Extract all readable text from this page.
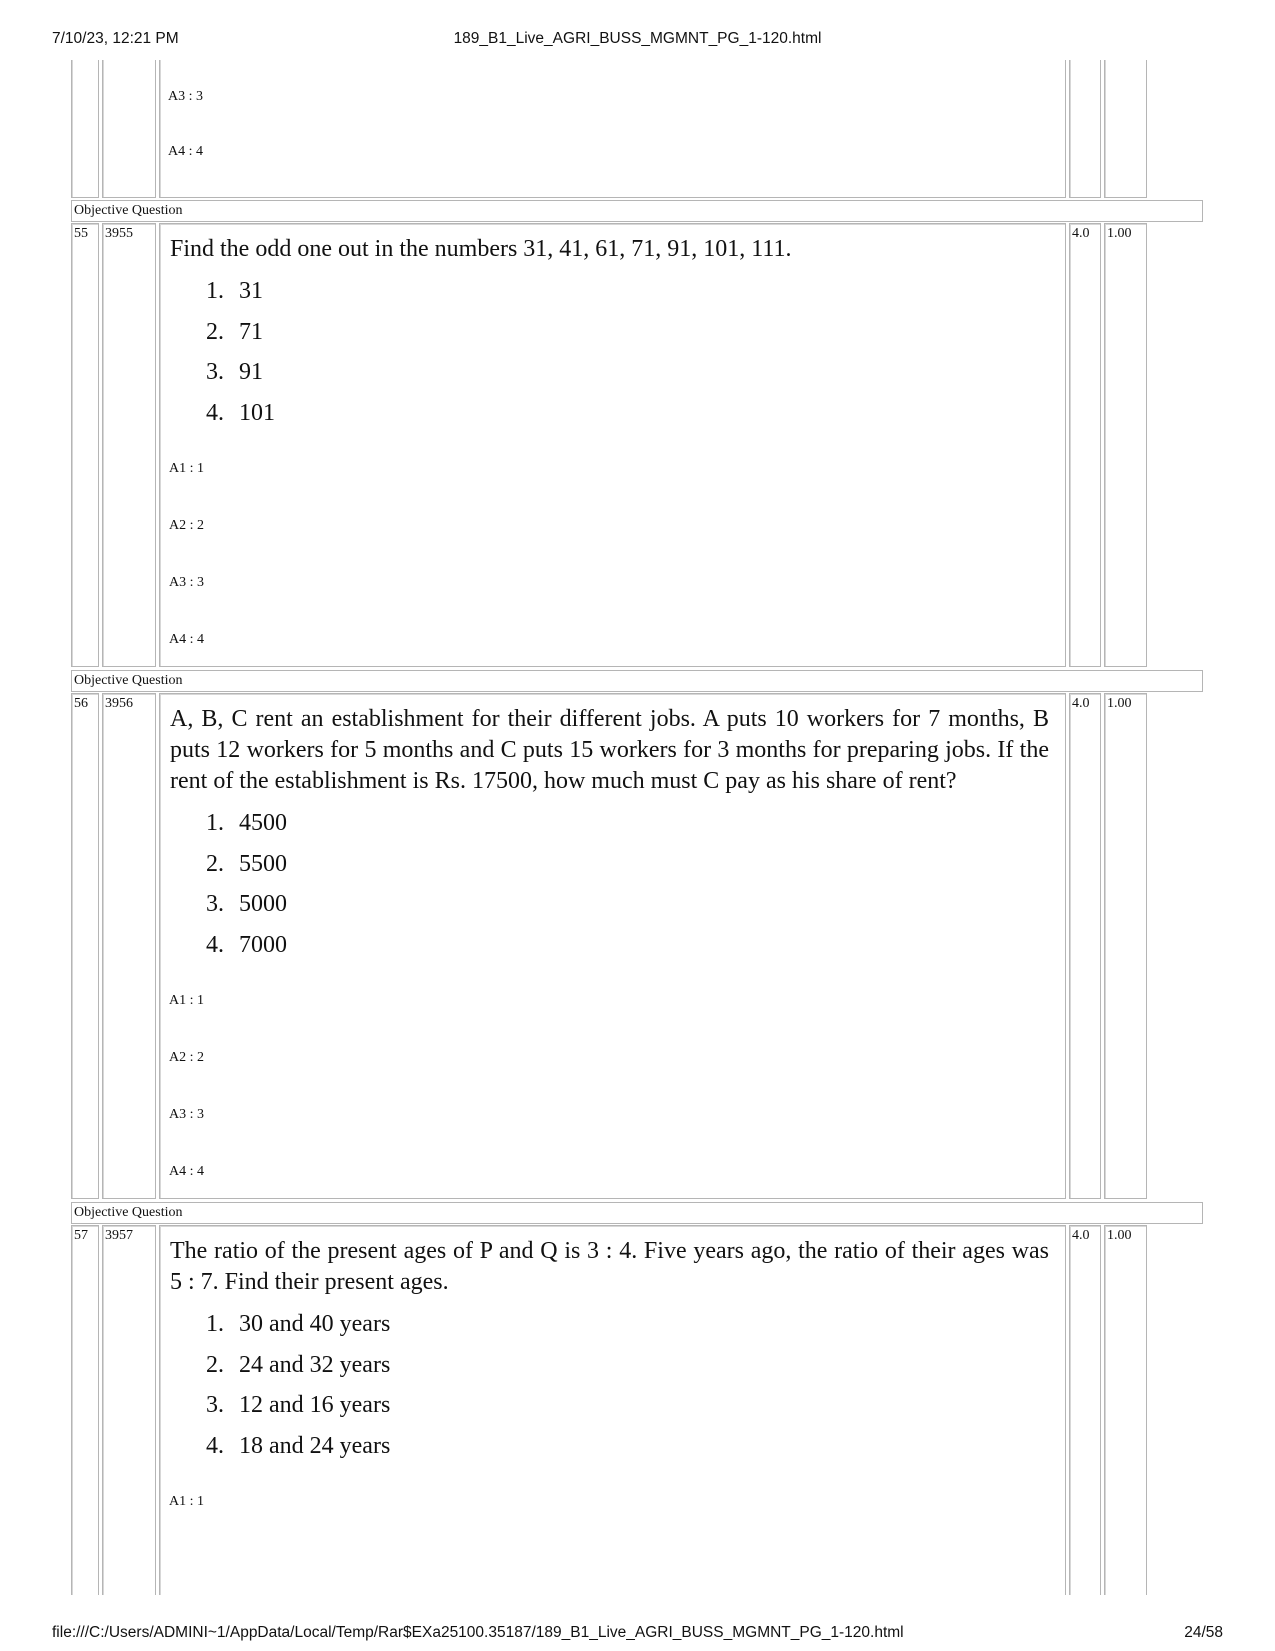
7/10/23, 12:21 PM	189_B1_Live_AGRI_BUSS_MGMNT_PG_1-120.html
A3 : 3
A4 : 4
Objective Question
55 3955
Find the odd one out in the numbers 31, 41, 61, 71, 91, 101, 111.
1. 31
2. 71
3. 91
4. 101
A1 : 1
A2 : 2
A3 : 3
A4 : 4
4.0 1.00
Objective Question
56 3956
A, B, C rent an establishment for their different jobs. A puts 10 workers for 7 months, B puts 12 workers for 5 months and C puts 15 workers for 3 months for preparing jobs. If the rent of the establishment is Rs. 17500, how much must C pay as his share of rent?
1. 4500
2. 5500
3. 5000
4. 7000
A1 : 1
A2 : 2
A3 : 3
A4 : 4
4.0 1.00
Objective Question
57 3957
The ratio of the present ages of P and Q is 3 : 4. Five years ago, the ratio of their ages was 5 : 7. Find their present ages.
1. 30 and 40 years
2. 24 and 32 years
3. 12 and 16 years
4. 18 and 24 years
A1 : 1
4.0 1.00
file:///C:/Users/ADMINI~1/AppData/Local/Temp/Rar$EXa25100.35187/189_B1_Live_AGRI_BUSS_MGMNT_PG_1-120.html	24/58
